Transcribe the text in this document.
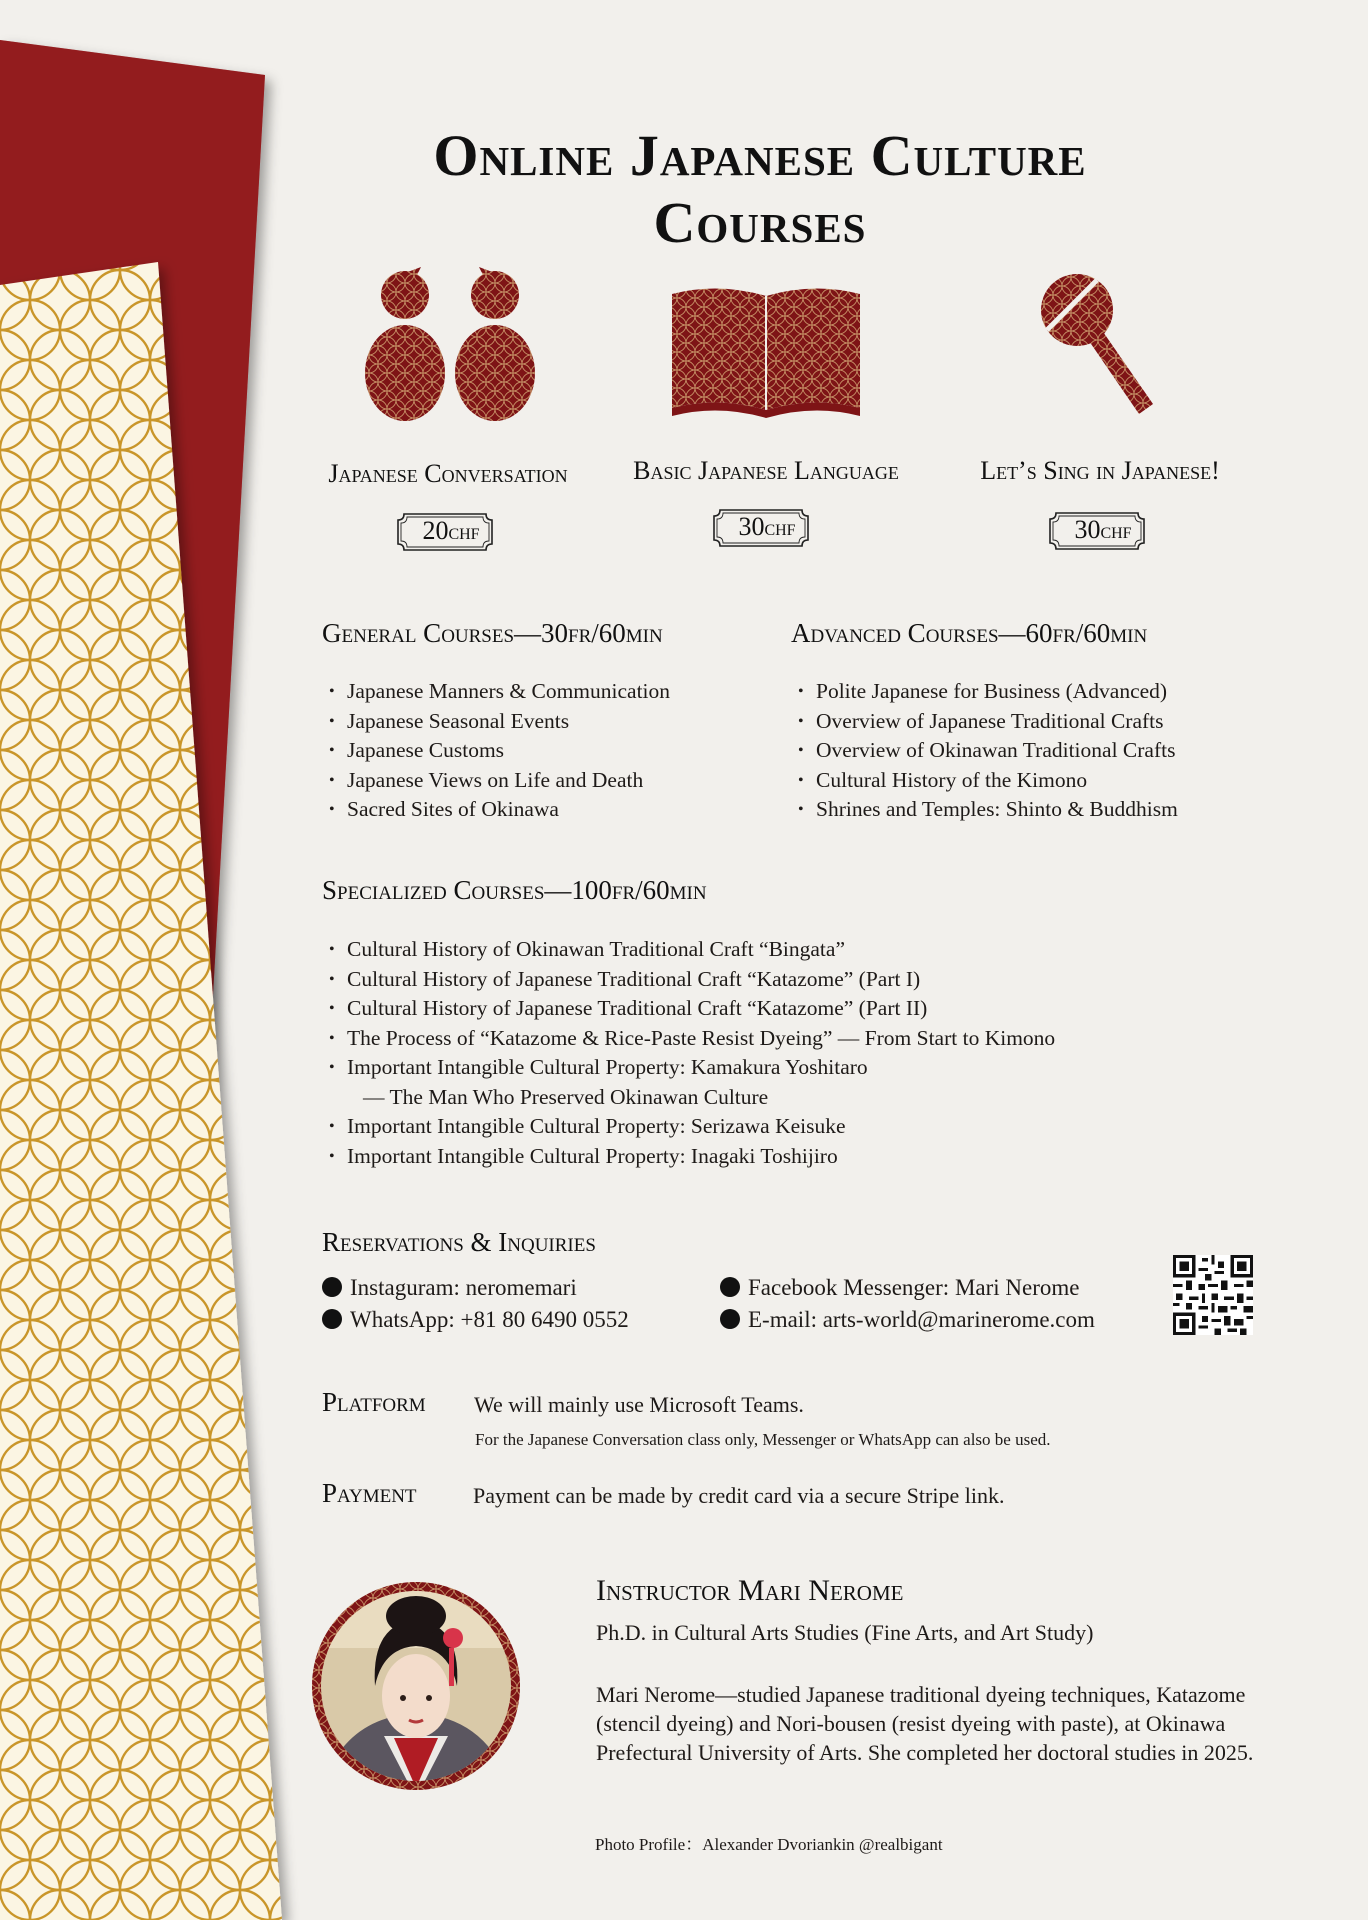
Online Japanese Culture Courses
Japanese Conversation	Basic Japanese Language	Let’s Sing in Japanese!
20CHF	30CHF	30CHF
General Courses—30fr/60min
• Japanese Manners & Communication
• Japanese Seasonal Events
• Japanese Customs
• Japanese Views on Life and Death
• Sacred Sites of Okinawa
Advanced Courses—60fr/60min
• Polite Japanese for Business (Advanced)
• Overview of Japanese Traditional Crafts
• Overview of Okinawan Traditional Crafts
• Cultural History of the Kimono
• Shrines and Temples: Shinto & Buddhism
Specialized Courses—100fr/60min
• Cultural History of Okinawan Traditional Craft “Bingata”
• Cultural History of Japanese Traditional Craft “Katazome” (Part I)
• Cultural History of Japanese Traditional Craft “Katazome” (Part II)
• The Process of “Katazome & Rice-Paste Resist Dyeing” — From Start to Kimono
• Important Intangible Cultural Property: Kamakura Yoshitaro
— The Man Who Preserved Okinawan Culture
• Important Intangible Cultural Property: Serizawa Keisuke
• Important Intangible Cultural Property: Inagaki Toshijiro
Reservations & Inquiries
Instaguram: neromemari
WhatsApp: +81 80 6490 0552
Facebook Messenger: Mari Nerome
E-mail: arts-world@marinerome.com
Platform We will mainly use Microsoft Teams.
For the Japanese Conversation class only, Messenger or WhatsApp can also be used.
Payment	Payment can be made by credit card via a secure Stripe link.
Instructor Mari Nerome
Ph.D. in Cultural Arts Studies (Fine Arts, and Art Study)

Mari Nerome—studied Japanese traditional dyeing techniques, Katazome (stencil dyeing) and Nori-bousen (resist dyeing with paste), at Okinawa Prefectural University of Arts. She completed her doctoral studies in 2025.

Photo Profile：Alexander Dvoriankin @realbigant
